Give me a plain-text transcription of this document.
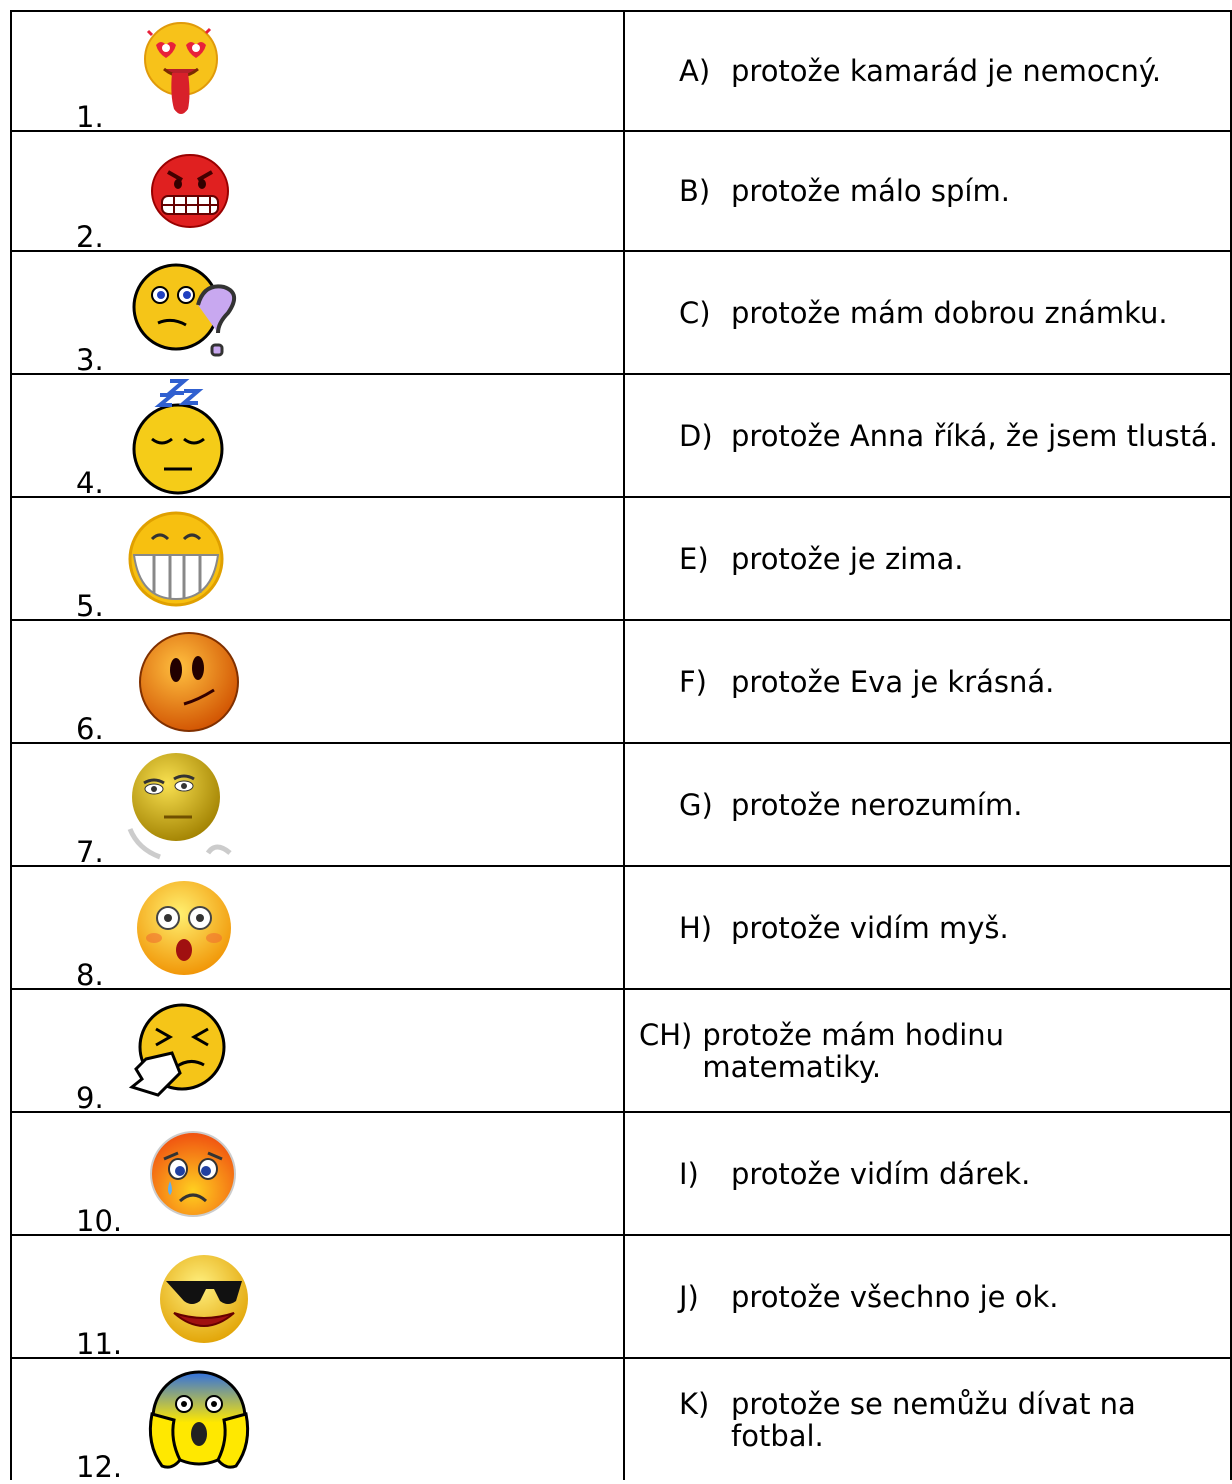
1.
A) protože kamarád je nemocný.
2.
B) protože málo spím.
3.
C) protože mám dobrou známku.
4.
D) protože Anna říká, že jsem tlustá.
5.
E) protože je zima.
6.
F) protože Eva je krásná.
7.
G) protože nerozumím.
8.
H) protože vidím myš.
9.
CH) protože mám hodinu matematiky.
10.
I)	protože vidím dárek.
11.
J)	protože všechno je ok.
12.
K) protože se nemůžu dívat na fotbal.
